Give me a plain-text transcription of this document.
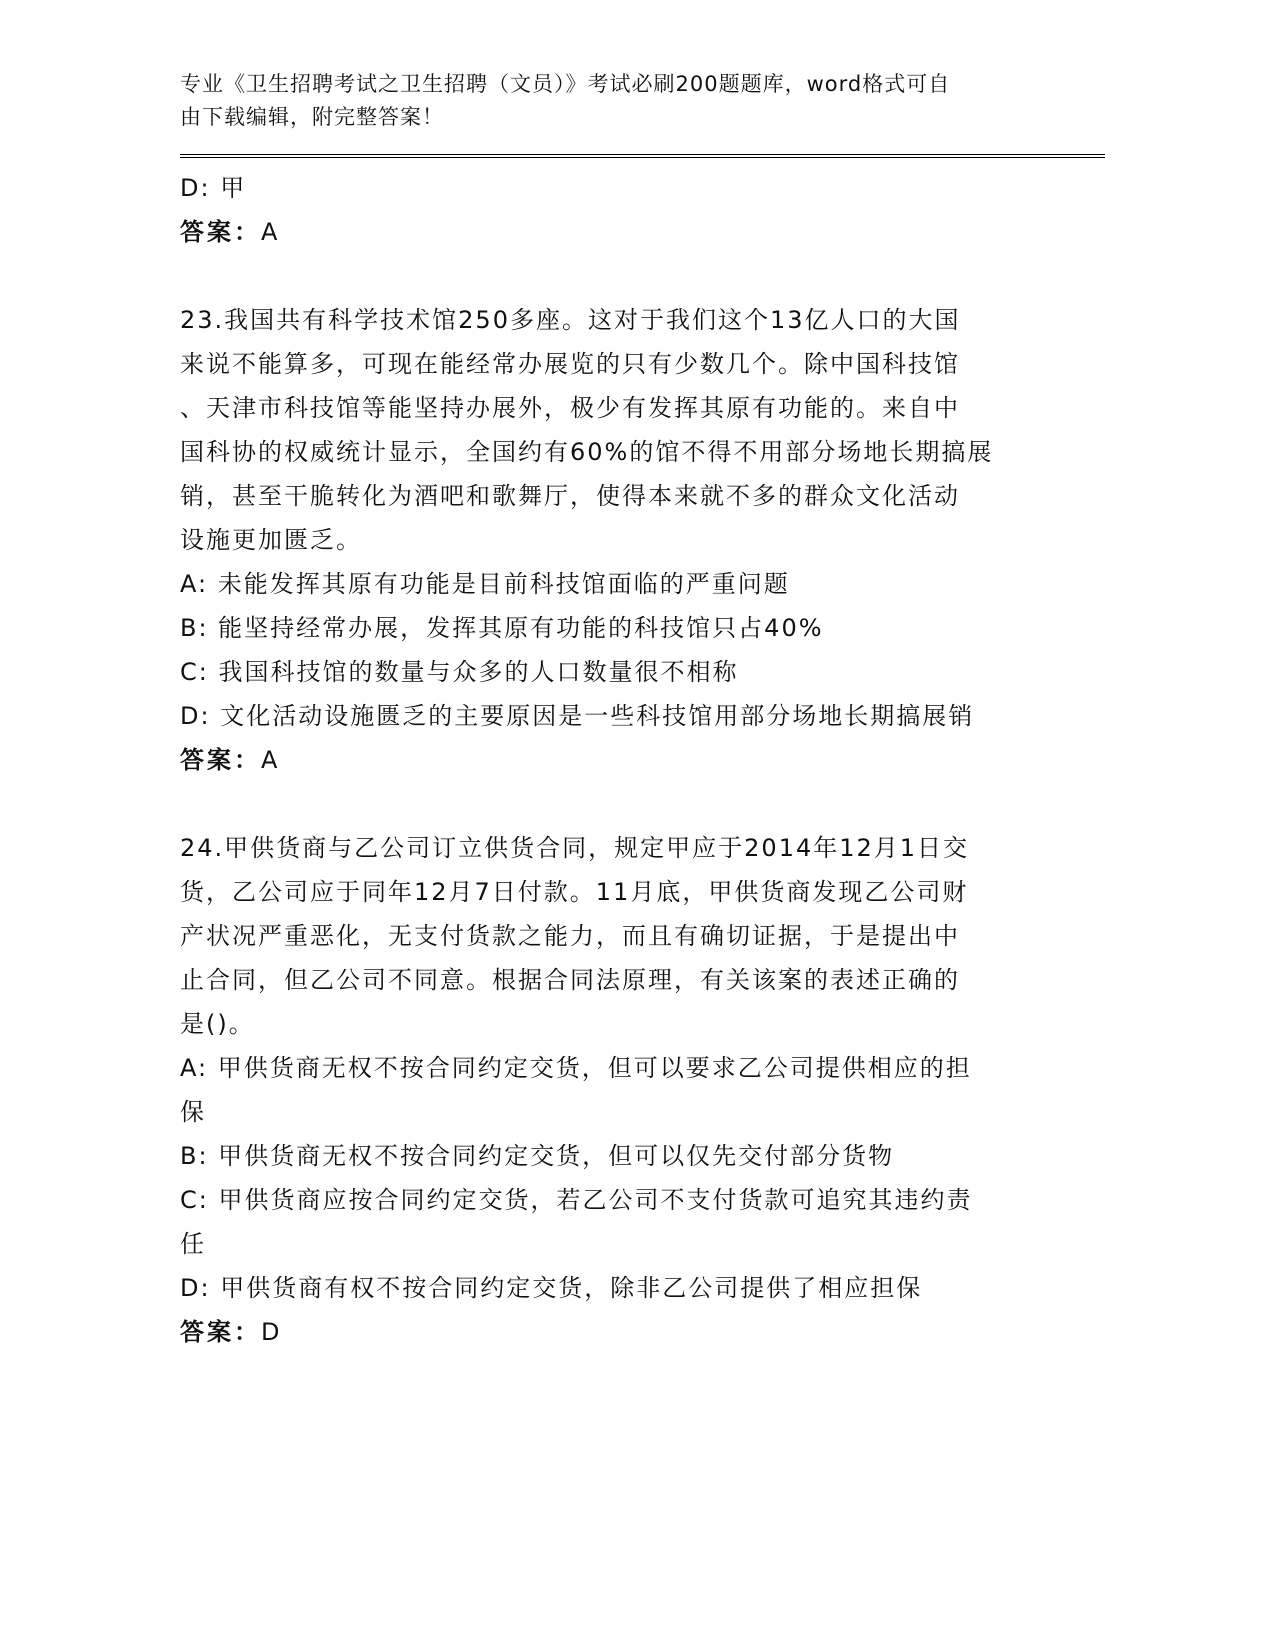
专业《卫生招聘考试之卫生招聘（文员）》考试必刷200题题库，word格式可自
由下载编辑，附完整答案！
D: 甲
答案：A
23.我国共有科学技术馆250多座。这对于我们这个13亿人口的大国
来说不能算多，可现在能经常办展览的只有少数几个。除中国科技馆
、天津市科技馆等能坚持办展外，极少有发挥其原有功能的。来自中
国科协的权威统计显示，全国约有60%的馆不得不用部分场地长期搞展
销，甚至干脆转化为酒吧和歌舞厅，使得本来就不多的群众文化活动
设施更加匮乏。
A: 未能发挥其原有功能是目前科技馆面临的严重问题
B: 能坚持经常办展，发挥其原有功能的科技馆只占40%
C: 我国科技馆的数量与众多的人口数量很不相称
D: 文化活动设施匮乏的主要原因是一些科技馆用部分场地长期搞展销
答案：A
24.甲供货商与乙公司订立供货合同，规定甲应于2014年12月1日交
货，乙公司应于同年12月7日付款。11月底，甲供货商发现乙公司财
产状况严重恶化，无支付货款之能力，而且有确切证据，于是提出中
止合同，但乙公司不同意。根据合同法原理，有关该案的表述正确的
是()。
A: 甲供货商无权不按合同约定交货，但可以要求乙公司提供相应的担
保
B: 甲供货商无权不按合同约定交货，但可以仅先交付部分货物
C: 甲供货商应按合同约定交货，若乙公司不支付货款可追究其违约责
任
D: 甲供货商有权不按合同约定交货，除非乙公司提供了相应担保
答案：D
